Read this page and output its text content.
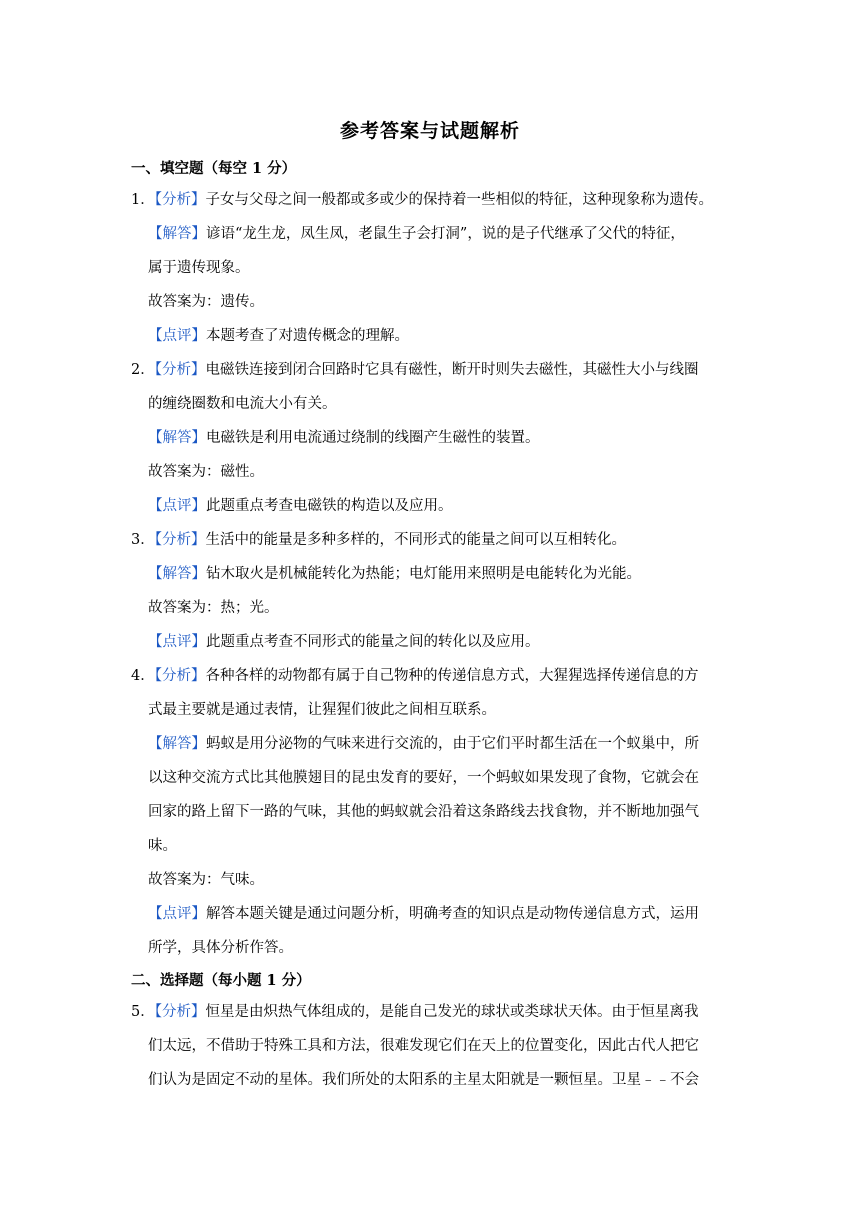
参考答案与试题解析
一、填空题（每空 1 分）
1．【分析】子女与父母之间一般都或多或少的保持着一些相似的特征，这种现象称为遗传。
【解答】谚语“龙生龙，凤生凤，老鼠生子会打洞”，说的是子代继承了父代的特征，
属于遗传现象。
故答案为：遗传。
【点评】本题考查了对遗传概念的理解。
2．【分析】电磁铁连接到闭合回路时它具有磁性，断开时则失去磁性，其磁性大小与线圈
的缠绕圈数和电流大小有关。
【解答】电磁铁是利用电流通过绕制的线圈产生磁性的装置。
故答案为：磁性。
【点评】此题重点考查电磁铁的构造以及应用。
3．【分析】生活中的能量是多种多样的，不同形式的能量之间可以互相转化。
【解答】钻木取火是机械能转化为热能；电灯能用来照明是电能转化为光能。
故答案为：热；光。
【点评】此题重点考查不同形式的能量之间的转化以及应用。
4．【分析】各种各样的动物都有属于自己物种的传递信息方式，大猩猩选择传递信息的方
式最主要就是通过表情，让猩猩们彼此之间相互联系。
【解答】蚂蚁是用分泌物的气味来进行交流的，由于它们平时都生活在一个蚁巢中，所
以这种交流方式比其他膜翅目的昆虫发育的要好，一个蚂蚁如果发现了食物，它就会在
回家的路上留下一路的气味，其他的蚂蚁就会沿着这条路线去找食物，并不断地加强气
味。
故答案为：气味。
【点评】解答本题关键是通过问题分析，明确考查的知识点是动物传递信息方式，运用
所学，具体分析作答。
二、选择题（每小题 1 分）
5．【分析】恒星是由炽热气体组成的，是能自己发光的球状或类球状天体。由于恒星离我
们太远，不借助于特殊工具和方法，很难发现它们在天上的位置变化，因此古代人把它
们认为是固定不动的星体。我们所处的太阳系的主星太阳就是一颗恒星。卫星﹣﹣不会
